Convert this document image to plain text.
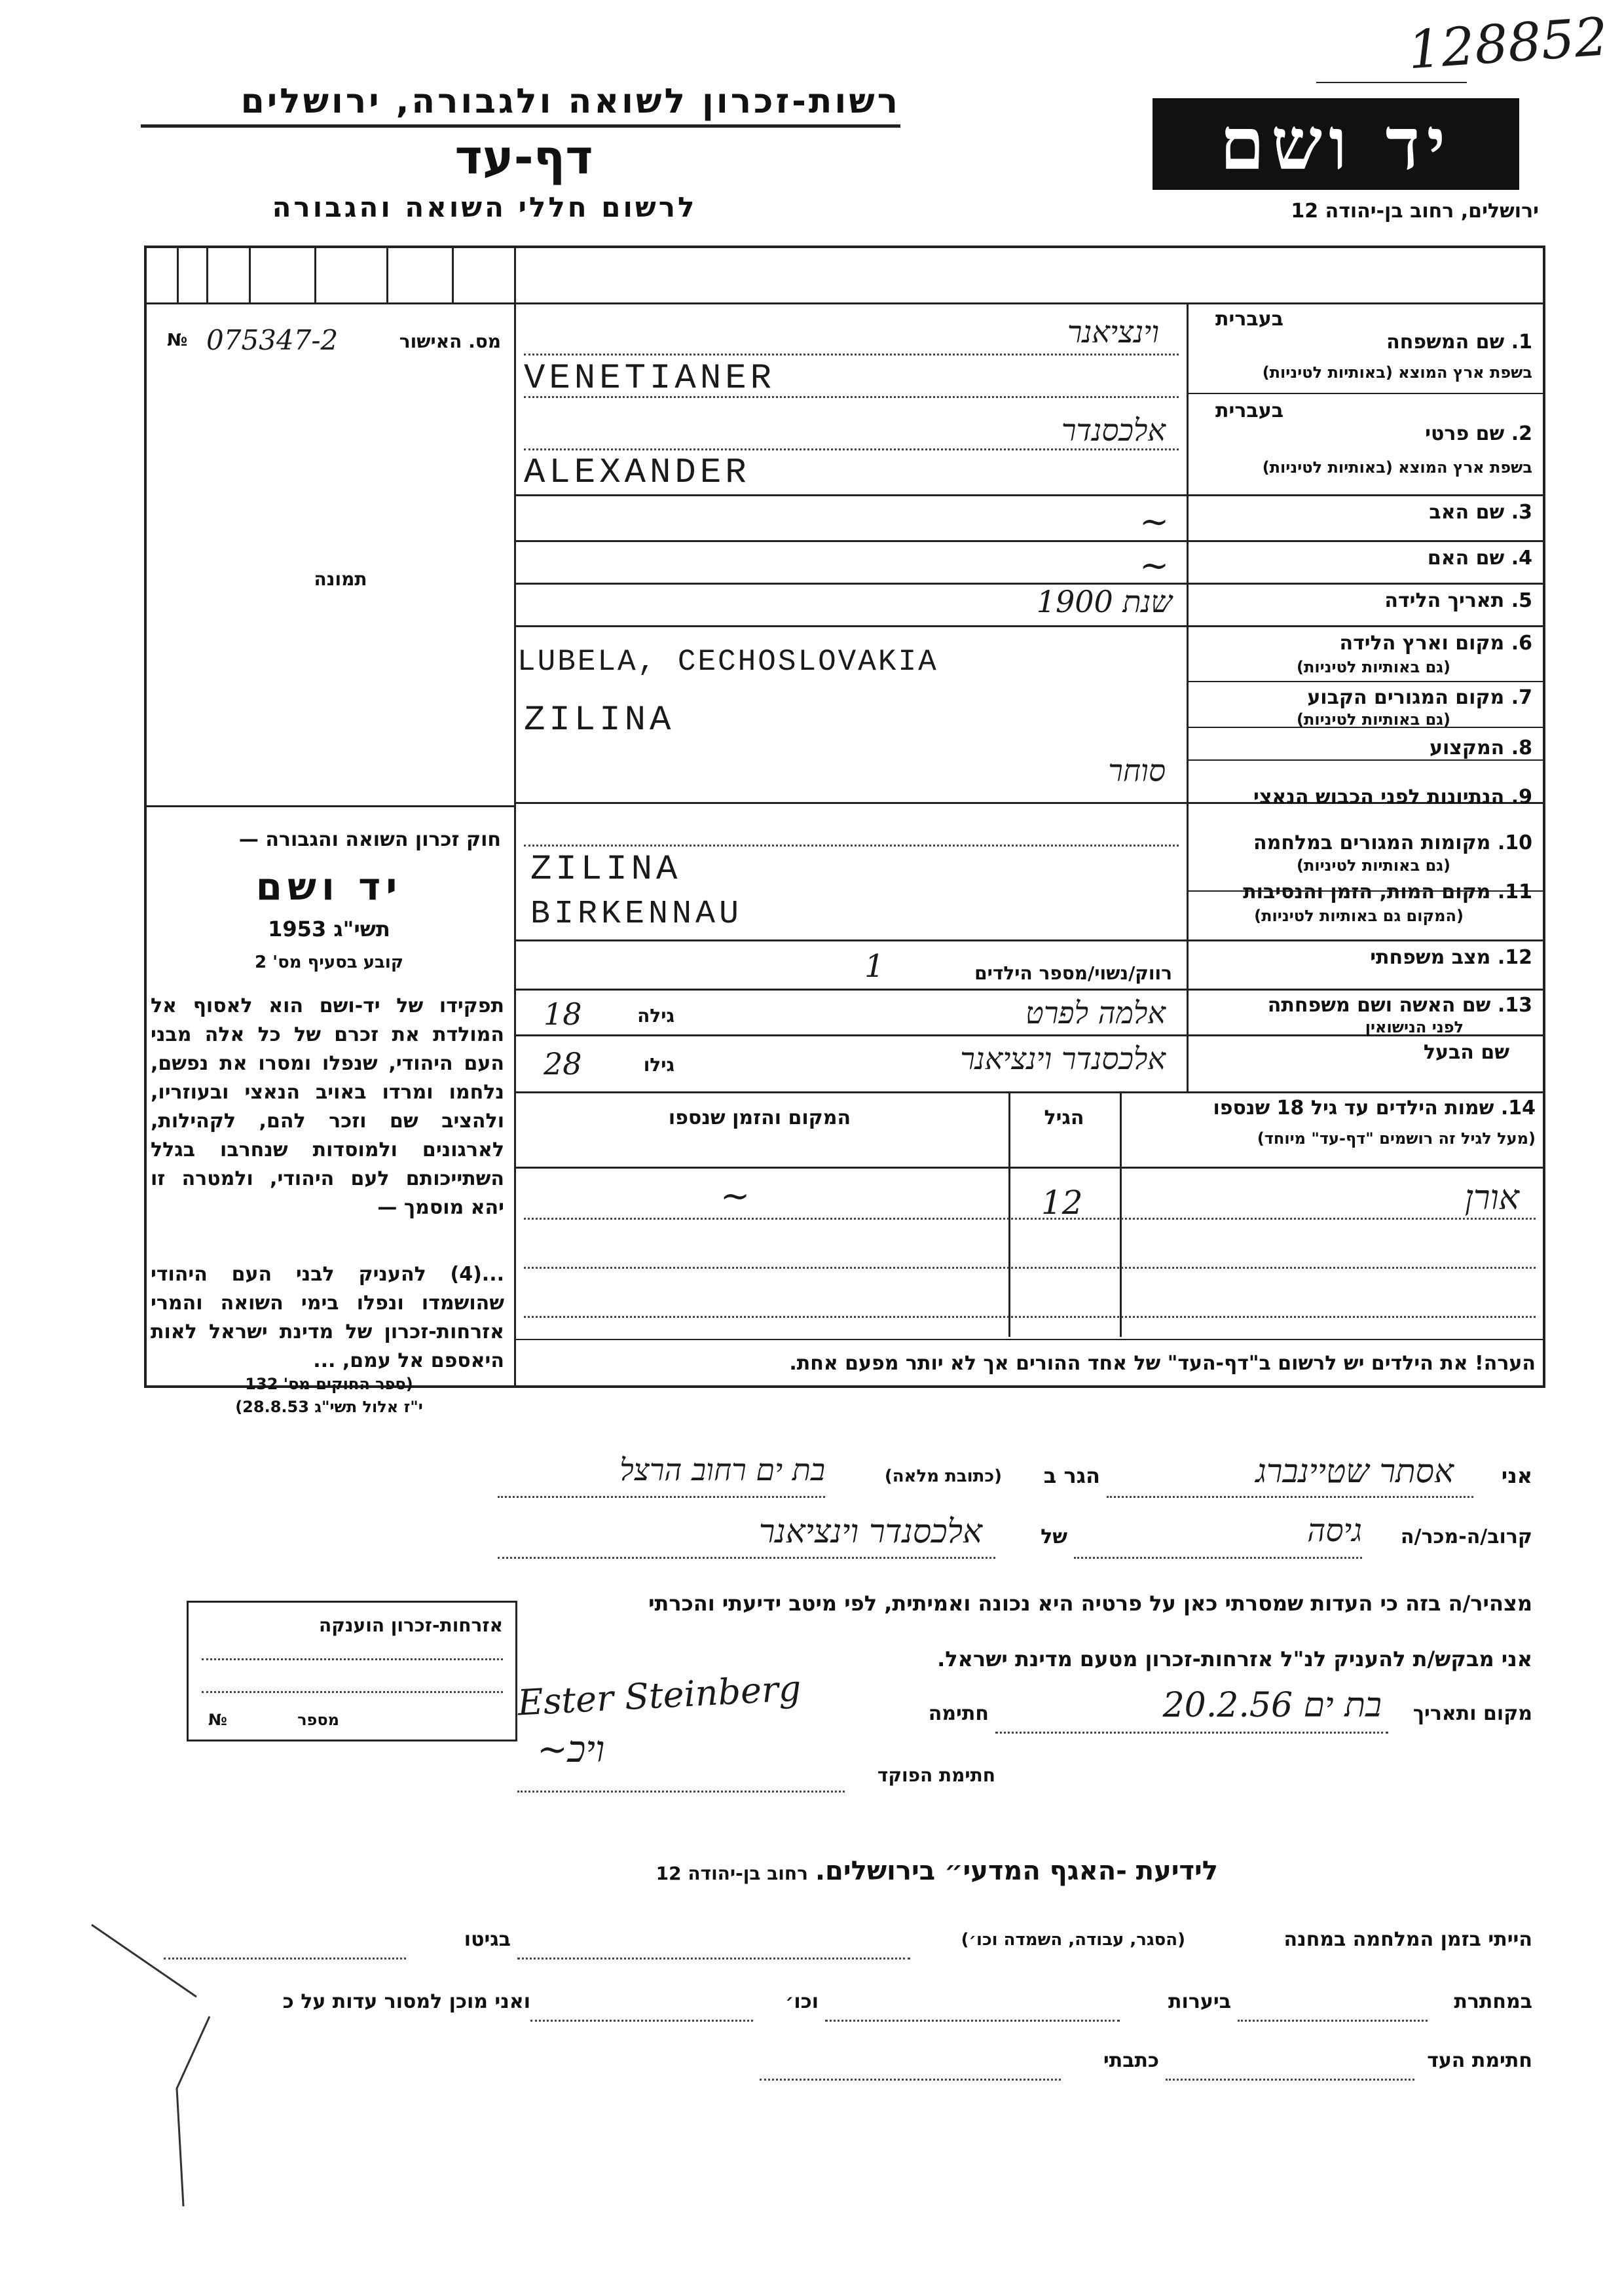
128852
רשות-זכרון לשואה ולגבורה, ירושלים
דף-עד
לרשום חללי השואה והגבורה
יד ושם
ירושלים, רחוב בן-יהודה 12
№ 075347-2	מס. האישור
תמונה
בעברית
1. שם המשפחה
בשפת ארץ המוצא (באותיות לטיניות)
וינציאנר
VENETIANER
בעברית
2. שם פרטי
בשפת ארץ המוצא (באותיות לטיניות)
אלכסנדר
ALEXANDER
3. שם האב
~
4. שם האם
~
5. תאריך הלידה
שנת 1900
6. מקום וארץ הלידה
(גם באותיות לטיניות)
LUBELA, CECHOSLOVAKIA
7. מקום המגורים הקבוע
(גם באותיות לטיניות)
ZILINA
8. המקצוע
סוחר
9. הנתיונות לפני הכבוש הנאצי
10. מקומות המגורים במלחמה
(גם באותיות לטיניות)
ZILINA
11. מקום המות, הזמן והנסיבות
(המקום גם באותיות לטיניות)
BIRKENNAU
12. מצב משפחתי
רווק/נשוי/מספר הילדים
1
13. שם האשה ושם משפחתה
לפני הנישואין
אלמה לפרט
גילה
18
שם הבעל
אלכסנדר וינציאנר
גילו
28
14. שמות הילדים עד גיל 18 שנספו
(מעל לגיל זה רושמים "דף-עד" מיוחד)
הגיל
המקום והזמן שנספו
אורן
12
~
הערה! את הילדים יש לרשום ב"דף-העד" של אחד ההורים אך לא יותר מפעם אחת.
חוק זכרון השואה והגבורה —
יד ושם
תשי"ג 1953
קובע בסעיף מס' 2
תפקידו של יד-ושם הוא לאסוף אל המולדת את זכרם של כל אלה מבני העם היהודי, שנפלו ומסרו את נפשם, נלחמו ומרדו באויב הנאצי ובעוזריו, ולהציב שם וזכר להם, לקהילות, לארגונים ולמוסדות שנחרבו בגלל השתייכותם לעם היהודי, ולמטרה זו יהא מוסמך —
...(4) להעניק לבני העם היהודי שהושמדו ונפלו בימי השואה והמרי אזרחות-זכרון של מדינת ישראל לאות היאספם אל עמם, ...
(ספר החוקים מס' 132
י"ז אלול תשי"ג 28.8.53)
אני
אסתר שטיינברג
הגר ב
(כתובת מלאה)
בת ים רחוב הרצל
קרוב/ה-מכר/ה
גיסה
של
אלכסנדר וינציאנר
מצהיר/ה בזה כי העדות שמסרתי כאן על פרטיה היא נכונה ואמיתית, לפי מיטב ידיעתי והכרתי
אני מבקש/ת להעניק לנ"ל אזרחות-זכרון מטעם מדינת ישראל.
מקום ותאריך
בת ים 20.2.56
חתימה
Ester Steinberg
חתימת הפוקד
~ויכ
אזרחות-זכרון הוענקה
№	מספר
לידיעת -האגף המדעי״ בירושלים. רחוב בן-יהודה 12
הייתי בזמן המלחמה במחנה
(הסגר, עבודה, השמדה וכו׳)
בגיטו
במחתרת
ביערות
וכו׳
ואני מוכן למסור עדות על כ
חתימת העד
כתבתי
